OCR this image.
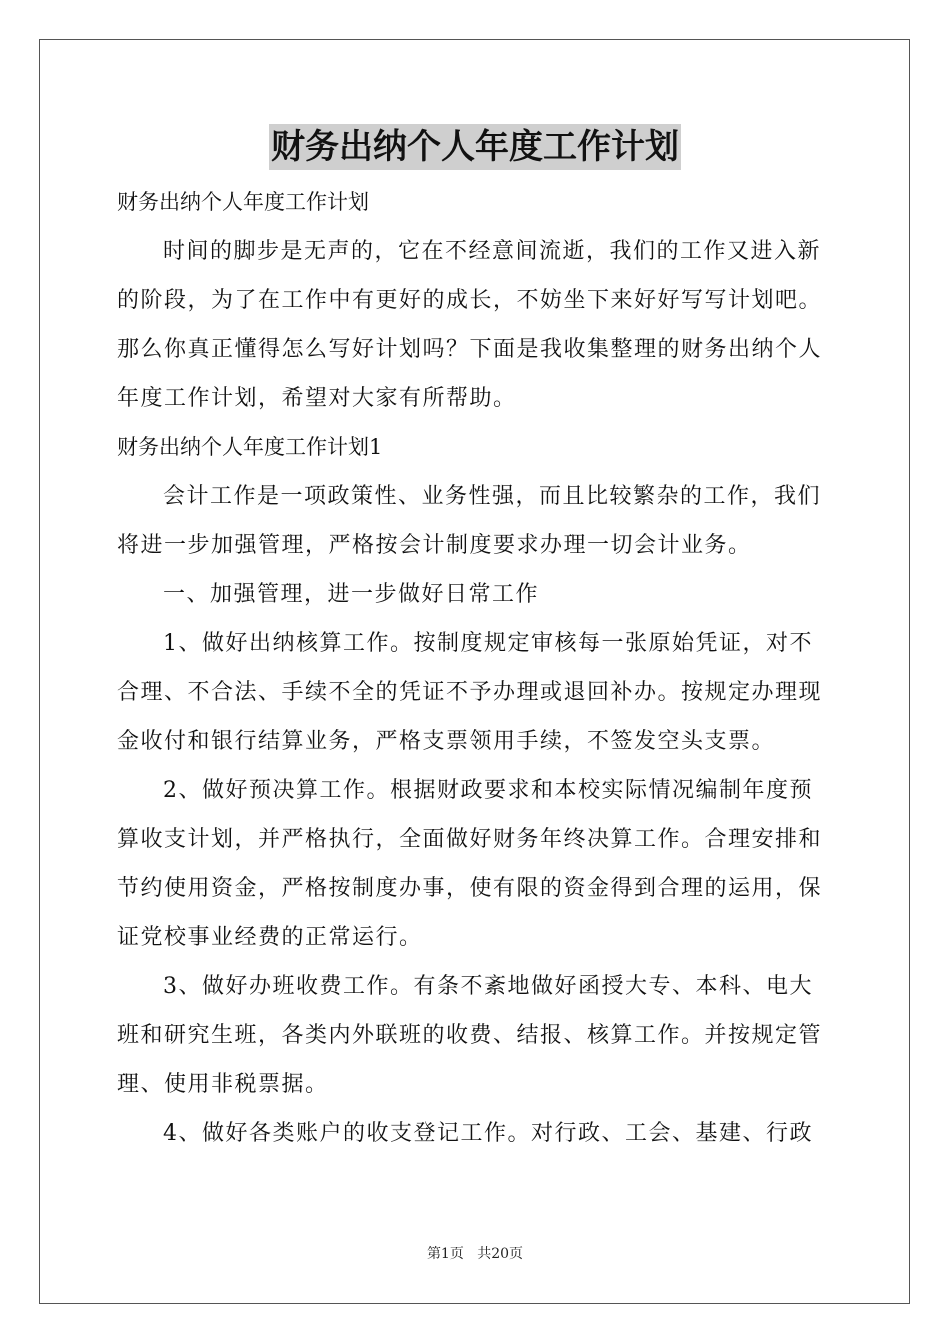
财务出纳个人年度工作计划
财务出纳个人年度工作计划
时间的脚步是无声的，它在不经意间流逝，我们的工作又进入新
的阶段，为了在工作中有更好的成长，不妨坐下来好好写写计划吧。
那么你真正懂得怎么写好计划吗？下面是我收集整理的财务出纳个人
年度工作计划，希望对大家有所帮助。
财务出纳个人年度工作计划1
会计工作是一项政策性、业务性强，而且比较繁杂的工作，我们
将进一步加强管理，严格按会计制度要求办理一切会计业务。
一、加强管理，进一步做好日常工作
1、做好出纳核算工作。按制度规定审核每一张原始凭证，对不
合理、不合法、手续不全的凭证不予办理或退回补办。按规定办理现
金收付和银行结算业务，严格支票领用手续，不签发空头支票。
2、做好预决算工作。根据财政要求和本校实际情况编制年度预
算收支计划，并严格执行，全面做好财务年终决算工作。合理安排和
节约使用资金，严格按制度办事，使有限的资金得到合理的运用，保
证党校事业经费的正常运行。
3、做好办班收费工作。有条不紊地做好函授大专、本科、电大
班和研究生班，各类内外联班的收费、结报、核算工作。并按规定管
理、使用非税票据。
4、做好各类账户的收支登记工作。对行政、工会、基建、行政
第1页 共20页
